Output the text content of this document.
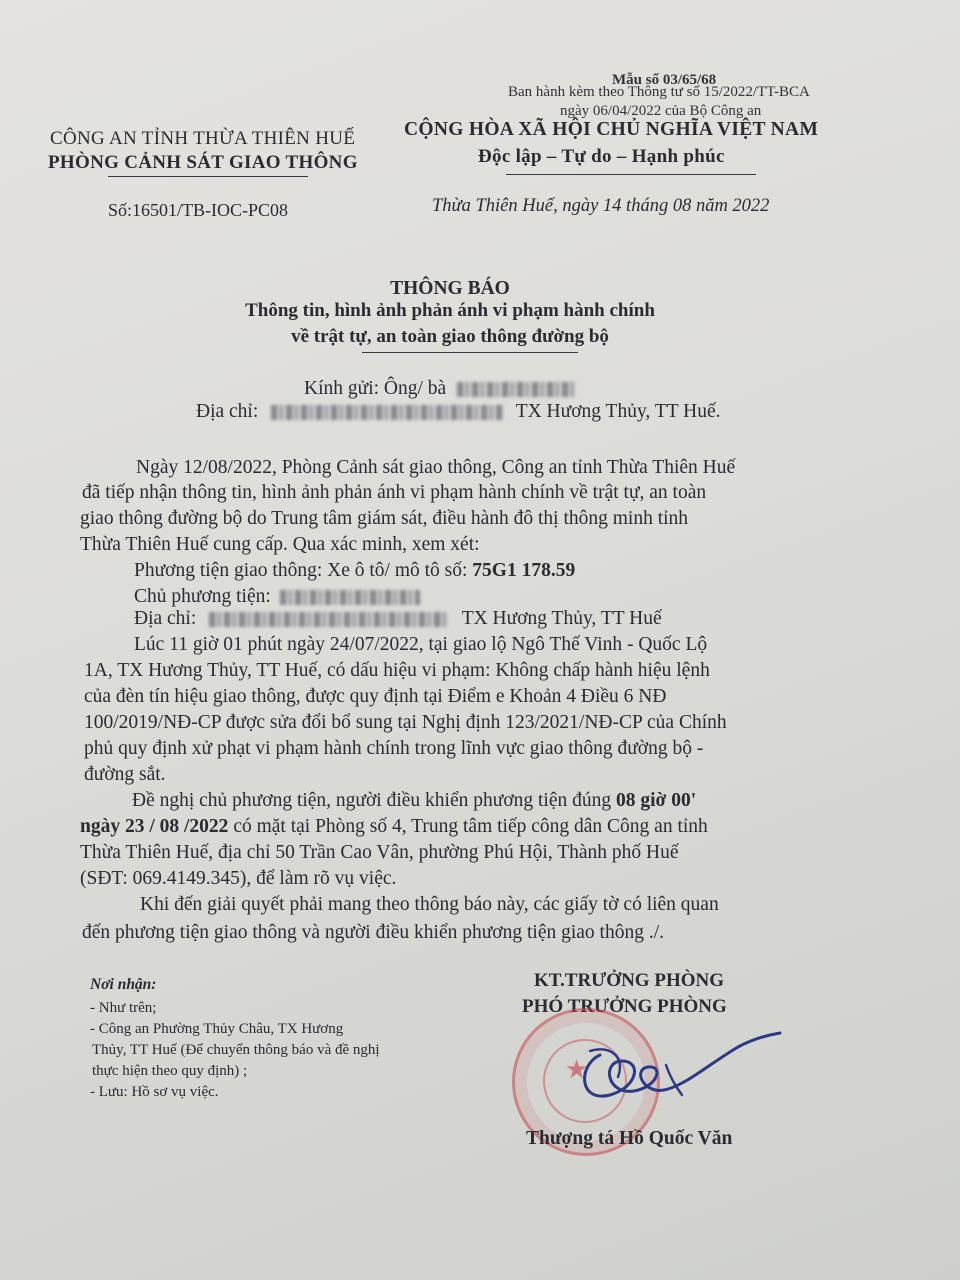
Mẫu số 03/65/68
Ban hành kèm theo Thông tư số 15/2022/TT-BCA
ngày 06/04/2022 của Bộ Công an
CÔNG AN TỈNH THỪA THIÊN HUẾ
PHÒNG CẢNH SÁT GIAO THÔNG
Số:16501/TB-IOC-PC08
CỘNG HÒA XÃ HỘI CHỦ NGHĨA VIỆT NAM
Độc lập – Tự do – Hạnh phúc
Thừa Thiên Huế, ngày 14 tháng 08 năm 2022
THÔNG BÁO
Thông tin, hình ảnh phản ánh vi phạm hành chính
về trật tự, an toàn giao thông đường bộ
Kính gửi: Ông/ bà
Địa chỉ:	TX Hương Thủy, TT Huế.
Ngày 12/08/2022, Phòng Cảnh sát giao thông, Công an tỉnh Thừa Thiên Huế
đã tiếp nhận thông tin, hình ảnh phản ánh vi phạm hành chính về trật tự, an toàn
giao thông đường bộ do Trung tâm giám sát, điều hành đô thị thông minh tỉnh
Thừa Thiên Huế cung cấp. Qua xác minh, xem xét:
Phương tiện giao thông: Xe ô tô/ mô tô số: 75G1 178.59
Chủ phương tiện:
Địa chỉ:	TX Hương Thủy, TT Huế
Lúc 11 giờ 01 phút ngày 24/07/2022, tại giao lộ Ngô Thế Vinh - Quốc Lộ
1A, TX Hương Thủy, TT Huế, có dấu hiệu vi phạm: Không chấp hành hiệu lệnh
của đèn tín hiệu giao thông, được quy định tại Điểm e Khoản 4 Điều 6 NĐ
100/2019/NĐ-CP được sửa đổi bổ sung tại Nghị định 123/2021/NĐ-CP của Chính
phủ quy định xử phạt vi phạm hành chính trong lĩnh vực giao thông đường bộ -
đường sắt.
Đề nghị chủ phương tiện, người điều khiển phương tiện đúng 08 giờ 00'
ngày 23 / 08 /2022 có mặt tại Phòng số 4, Trung tâm tiếp công dân Công an tỉnh
Thừa Thiên Huế, địa chỉ 50 Trần Cao Vân, phường Phú Hội, Thành phố Huế
(SĐT: 069.4149.345), để làm rõ vụ việc.
Khi đến giải quyết phải mang theo thông báo này, các giấy tờ có liên quan
đến phương tiện giao thông và người điều khiển phương tiện giao thông ./.
Nơi nhận:
- Như trên;
- Công an Phường Thủy Châu, TX Hương
Thủy, TT Huế (Để chuyển thông báo và đề nghị
thực hiện theo quy định) ;
- Lưu: Hồ sơ vụ việc.
KT.TRƯỞNG PHÒNG
PHÓ TRƯỞNG PHÒNG
★
Thượng tá Hồ Quốc Văn
